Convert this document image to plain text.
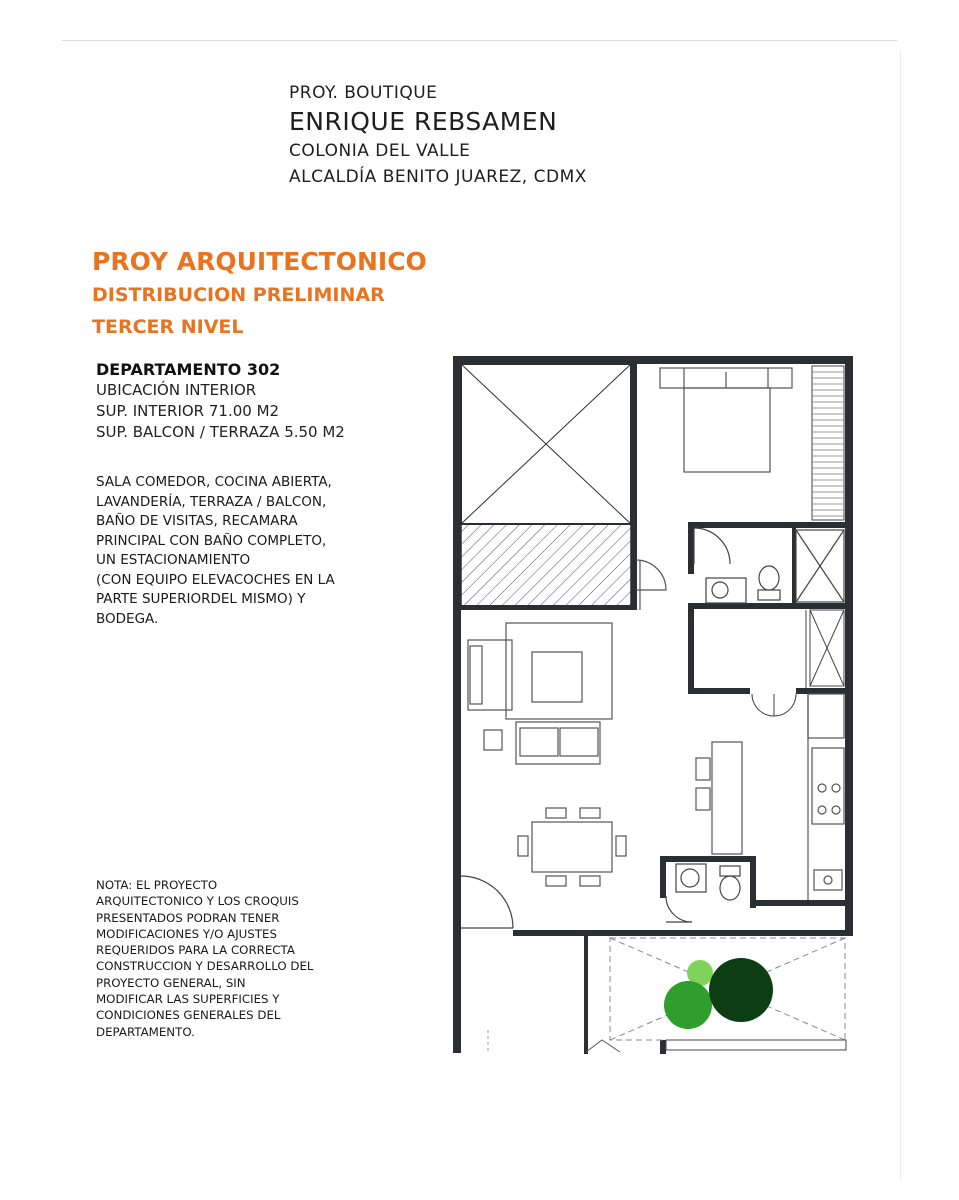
PROY. BOUTIQUE
ENRIQUE REBSAMEN
COLONIA DEL VALLE
ALCALDÍA BENITO JUAREZ, CDMX
PROY ARQUITECTONICO
DISTRIBUCION PRELIMINAR
TERCER NIVEL
DEPARTAMENTO 302
UBICACIÓN INTERIOR
SUP. INTERIOR 71.00 M2
SUP. BALCON / TERRAZA 5.50 M2
SALA COMEDOR, COCINA ABIERTA,
LAVANDERÍA, TERRAZA / BALCON,
BAÑO DE VISITAS, RECAMARA
PRINCIPAL CON BAÑO COMPLETO,
UN ESTACIONAMIENTO
(CON EQUIPO ELEVACOCHES EN LA
PARTE SUPERIORDEL MISMO) Y
BODEGA.
NOTA: EL PROYECTO
ARQUITECTONICO Y LOS CROQUIS
PRESENTADOS PODRAN TENER
MODIFICACIONES Y/O AJUSTES
REQUERIDOS PARA LA CORRECTA
CONSTRUCCION Y DESARROLLO DEL
PROYECTO GENERAL, SIN
MODIFICAR LAS SUPERFICIES Y
CONDICIONES GENERALES DEL
DEPARTAMENTO.
